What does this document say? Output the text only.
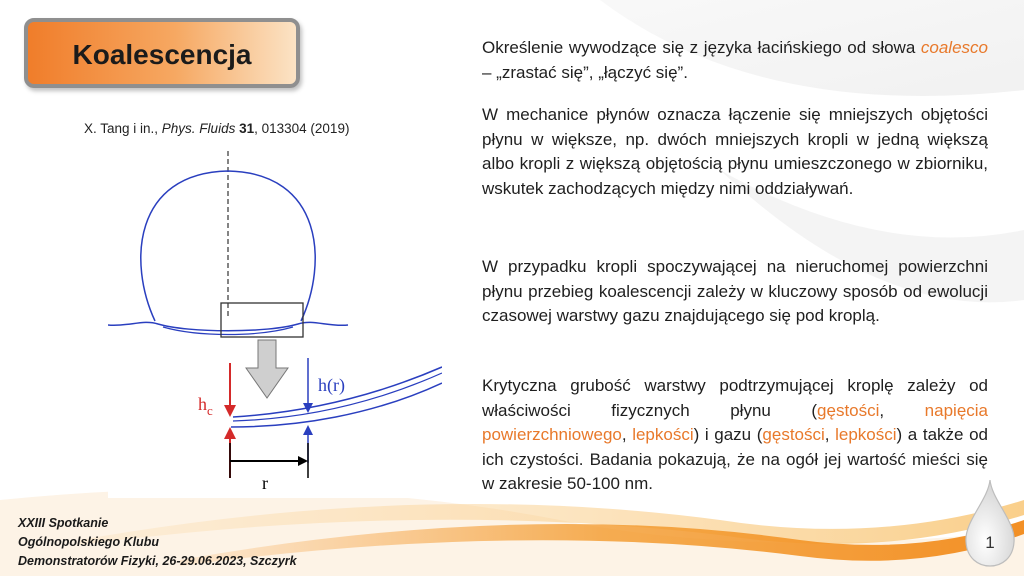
Koalescencja
X. Tang i in., Phys. Fluids 31, 013304 (2019)
$h_c$
h(r)
r
Określenie wywodzące się z języka łacińskiego od słowa coalesco – „zrastać się”, „łączyć się”.
W mechanice płynów oznacza łączenie się mniejszych objętości płynu w większe, np. dwóch mniejszych kropli w jedną większą albo kropli z większą objętością płynu umieszczonego w zbiorniku, wskutek zachodzących między nimi oddziaływań.
W przypadku kropli spoczywającej na nieruchomej powierzchni płynu przebieg koalescencji zależy w kluczowy sposób od ewolucji czasowej warstwy gazu znajdującego się pod kroplą.
Krytyczna grubość warstwy podtrzymującej kroplę zależy od właściwości fizycznych płynu (gęstości, napięcia powierzchniowego, lepkości) i gazu (gęstości, lepkości) a także od ich czystości. Badania pokazują, że na ogół jej wartość mieści się w zakresie 50-100 nm.
XXIII Spotkanie
Ogólnopolskiego Klubu
Demonstratorów Fizyki, 26-29.06.2023, Szczyrk
1
